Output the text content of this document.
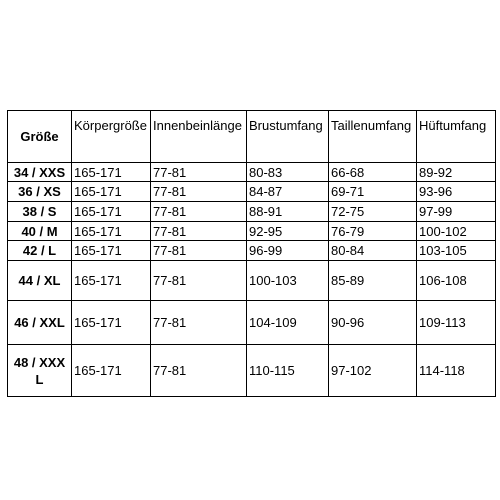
Größe	Körpergröße	Innenbeinlänge	Brustumfang	Taillenumfang	Hüftumfang
34 / XXS	165-171	77-81	80-83	66-68	89-92
36 / XS	165-171	77-81	84-87	69-71	93-96
38 / S	165-171	77-81	88-91	72-75	97-99
40 / M	165-171	77-81	92-95	76-79	100-102
42 / L	165-171	77-81	96-99	80-84	103-105
44 / XL	165-171	77-81	100-103	85-89	106-108
46 / XXL	165-171	77-81	104-109	90-96	109-113
48 / XXXL	165-171	77-81	110-115	97-102	114-118
